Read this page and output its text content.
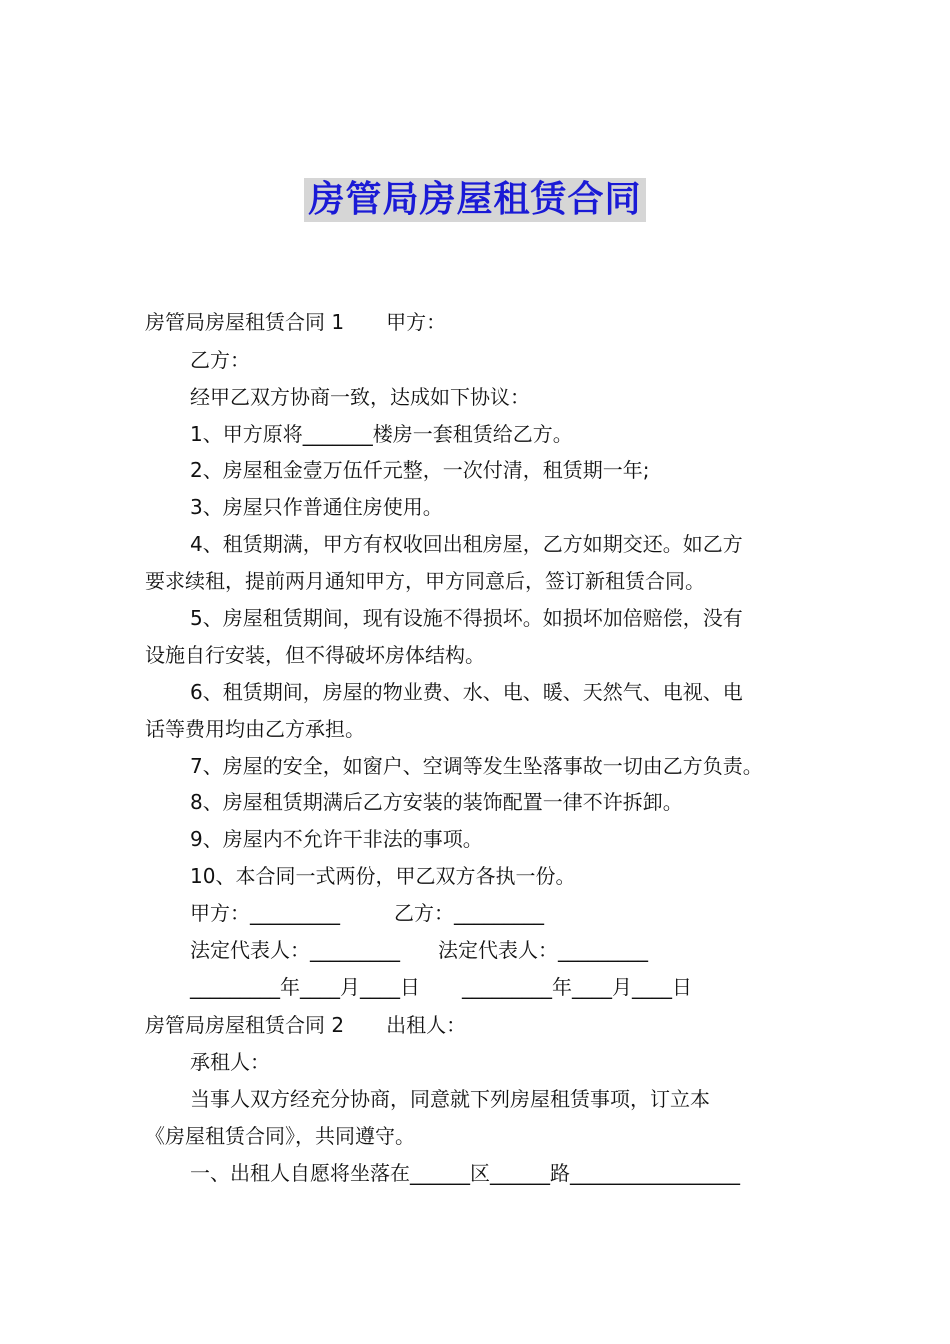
房管局房屋租赁合同
房管局房屋租赁合同 1 甲方：
乙方：
经甲乙双方协商一致，达成如下协议：
1、甲方原将_______楼房一套租赁给乙方。
2、房屋租金壹万伍仟元整，一次付清，租赁期一年;
3、房屋只作普通住房使用。
4、租赁期满，甲方有权收回出租房屋，乙方如期交还。如乙方
要求续租，提前两月通知甲方，甲方同意后，签订新租赁合同。
5、房屋租赁期间，现有设施不得损坏。如损坏加倍赔偿，没有
设施自行安装，但不得破坏房体结构。
6、租赁期间，房屋的物业费、水、电、暖、天然气、电视、电
话等费用均由乙方承担。
7、房屋的安全，如窗户、空调等发生坠落事故一切由乙方负责。
8、房屋租赁期满后乙方安装的装饰配置一律不许拆卸。
9、房屋内不允许干非法的事项。
10、本合同一式两份，甲乙双方各执一份。
甲方：_________	乙方：_________
法定代表人：_________ 法定代表人：_________
_________年____月____日 _________年____月____日
房管局房屋租赁合同 2 出租人：
承租人：
当事人双方经充分协商，同意就下列房屋租赁事项，订立本
《房屋租赁合同》，共同遵守。
一、出租人自愿将坐落在______区______路_________________
